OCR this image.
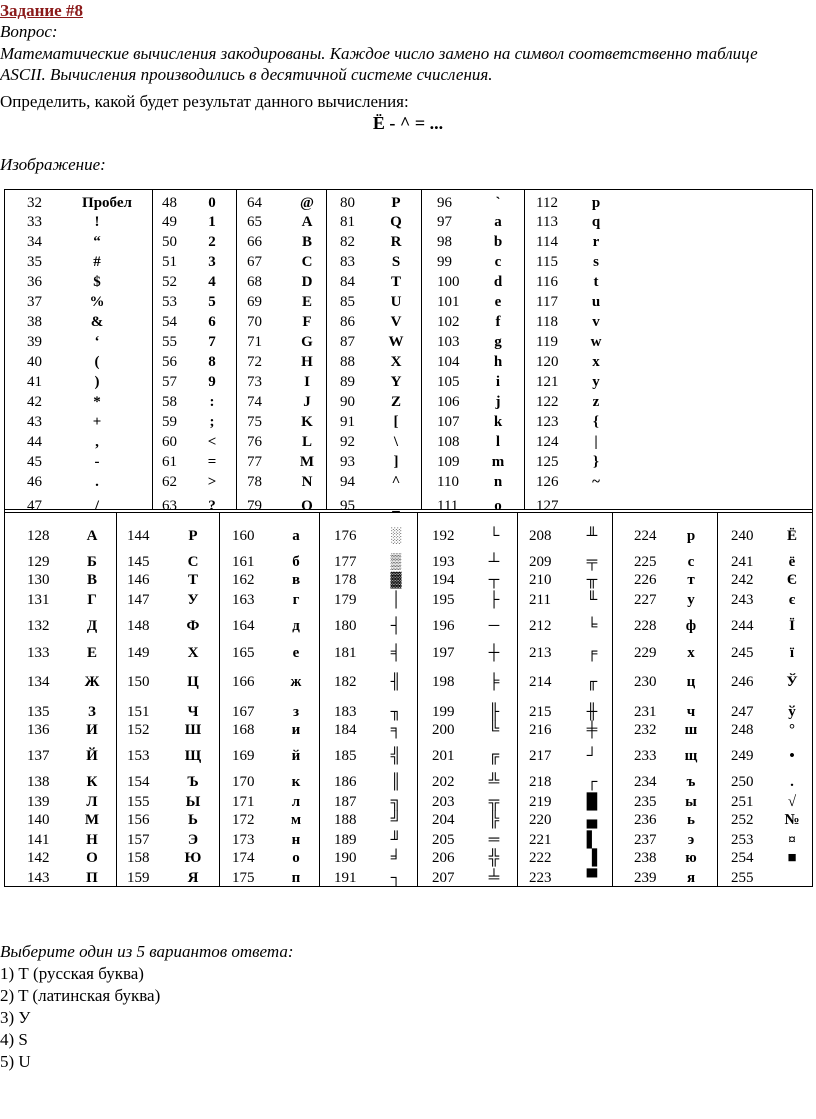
Задание #8
Вопрос:
Математические вычисления закодированы. Каждое число замено на символ соответственно таблице ASCII. Вычисления производились в десятичной системе счисления.
Определить, какой будет результат данного вычисления:
Ё - ^ = ...
Изображение:
32	Пробел
33	!
34	“
35	#
36	$
37	%
38	&
39	‘
40	(
41	)
42	*
43	+
44	,
45	-
46	.
47	/
48	0
49	1
50	2
51	3
52	4
53	5
54	6
55	7
56	8
57	9
58	:
59	;
60	<
61	=
62	>
63	?
64	@
65	A
66	B
67	C
68	D
69	E
70	F
71	G
72	H
73	I
74	J
75	K
76	L
77	M
78	N
79	O
80	P
81	Q
82	R
83	S
84	T
85	U
86	V
87	W
88	X
89	Y
90	Z
91	[
92	\
93	]
94	^
95	_
96	`
97	a
98	b
99	c
100	d
101	e
102	f
103	g
104	h
105	i
106	j
107	k
108	l
109	m
110	n
111	o
112	p
113	q
114	r
115	s
116	t
117	u
118	v
119	w
120	x
121	y
122	z
123	{
124	|
125	}
126	~
127
128	А
129	Б
130	В
131	Г
132	Д
133	Е
134	Ж
135	З
136	И
137	Й
138	К
139	Л
140	М
141	Н
142	О
143	П
144	Р
145	С
146	Т
147	У
148	Ф
149	Х
150	Ц
151	Ч
152	Ш
153	Щ
154	Ъ
155	Ы
156	Ь
157	Э
158	Ю
159	Я
160	а
161	б
162	в
163	г
164	д
165	е
166	ж
167	з
168	и
169	й
170	к
171	л
172	м
173	н
174	о
175	п
176	░
177	▒
178	▓
179	│
180	┤
181	╡
182	╢
183	╖
184	╕
185	╣
186	║
187	╗
188	╝
189	╜
190	╛
191	┐
192	└
193	┴
194	┬
195	├
196	─
197	┼
198	╞
199	╟
200	╚
201	╔
202	╩
203	╦
204	╠
205	═
206	╬
207	╧
208	╨
209	╤
210	╥
211	╙
212	╘
213	╒
214	╓
215	╫
216	╪
217	┘
218	┌
219	█
220	▄
221	▌
222	▐
223	▀
224	р
225	с
226	т
227	у
228	ф
229	х
230	ц
231	ч
232	ш
233	щ
234	ъ
235	ы
236	ь
237	э
238	ю
239	я
240	Ё
241	ё
242	Є
243	є
244	Ї
245	ї
246	Ў
247	ў
248	°
249	•
250	.
251	√
252	№
253	¤
254	■
255
Выберите один из 5 вариантов ответа:
1) Т (русская буква)
2) T (латинская буква)
3) У
4) S
5) U
